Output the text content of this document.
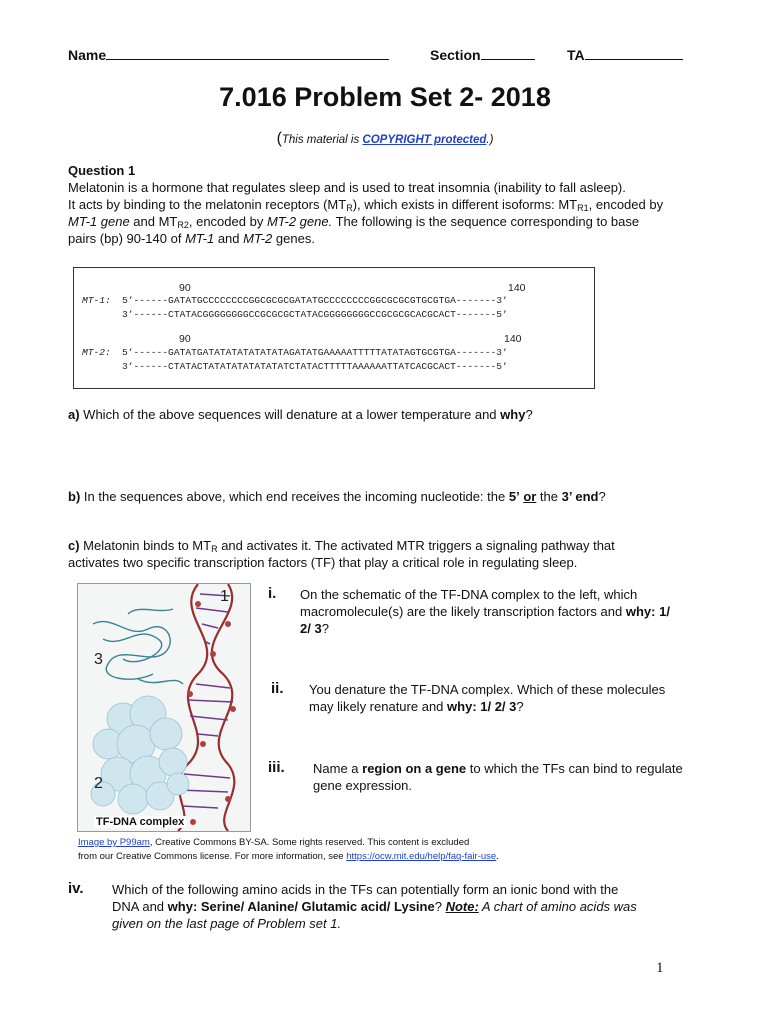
Name	Section	TA
7.016 Problem Set 2- 2018
(This material is COPYRIGHT protected.)
Question 1
Melatonin is a hormone that regulates sleep and is used to treat insomnia (inability to fall asleep).
It acts by binding to the melatonin receptors $(MT_R)$, which exists in different isoforms: $MT_{R1}$, encoded by
MT-1 gene and $MT_{R2}$, encoded by MT-2 gene. The following is the sequence corresponding to base
pairs (bp) 90-140 of MT-1 and MT-2 genes.
90	140
MT-1: 5’------GATATGCCCCCCCCGGCGCGCGATATGCCCCCCCCGGCGCGCGTGCGTGA-------3’
3’------CTATACGGGGGGGGCCGCGCGCTATACGGGGGGGGCCGCGCGCACGCACT-------5’
90	140
MT-2: 5’------GATATGATATATATATATATAGATATGAAAAATTTTTATATAGTGCGTGA-------3’
3’------CTATACTATATATATATATATCTATACTTTTTAAAAAATTATCACGCACT-------5’
a) Which of the above sequences will denature at a lower temperature and why?
b) In the sequences above, which end receives the incoming nucleotide: the 5’ or the 3’ end?
c) Melatonin binds to $MT_R$ and activates it. The activated MTR triggers a signaling pathway that
activates two specific transcription factors (TF) that play a critical role in regulating sleep.
1
3
2
TF-DNA complex
i. On the schematic of the TF-DNA complex to the left, which
macromolecule(s) are the likely transcription factors and why: 1/
2/ 3?
ii. You denature the TF-DNA complex. Which of these molecules
may likely renature and why: 1/ 2/ 3?
iii. Name a region on a gene to which the TFs can bind to regulate
gene expression.
Image by P99am, Creative Commons BY-SA. Some rights reserved. This content is excluded
from our Creative Commons license. For more information, see https://ocw.mit.edu/help/faq-fair-use.
iv. Which of the following amino acids in the TFs can potentially form an ionic bond with the
DNA and why: Serine/ Alanine/ Glutamic acid/ Lysine? Note: A chart of amino acids was
given on the last page of Problem set 1.
1
